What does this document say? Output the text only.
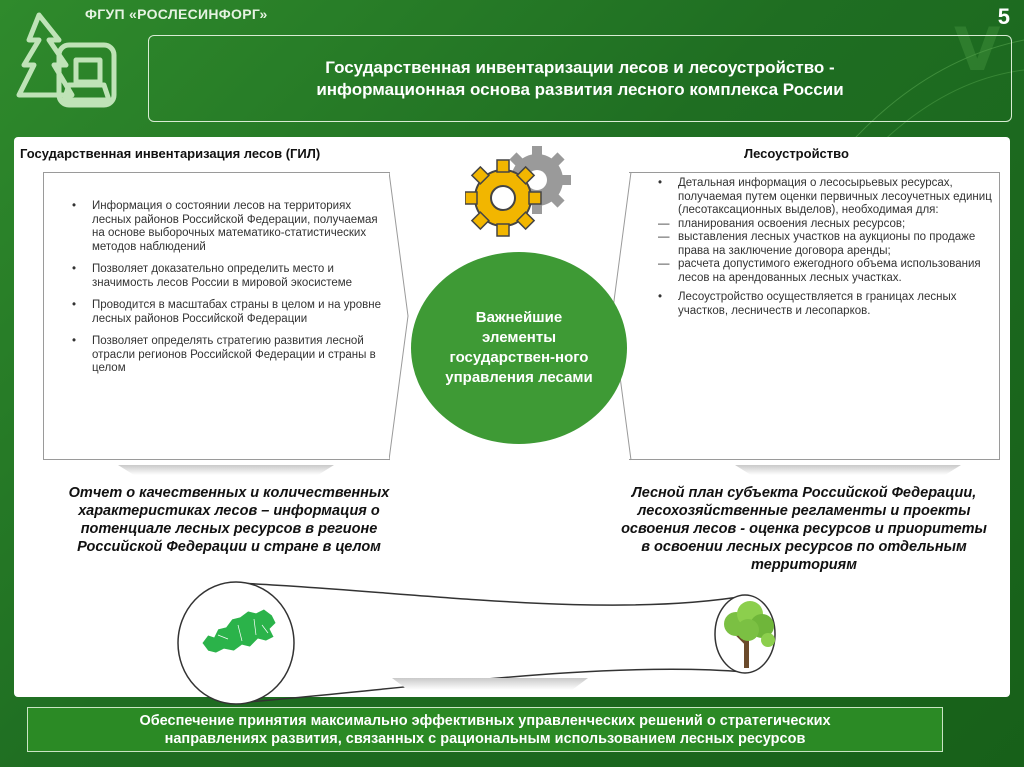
V
ФГУП «РОСЛЕСИНФОРГ»	5
Государственная инвентаризации лесов и лесоустройство -
информационная основа развития лесного комплекса России
Государственная инвентаризация лесов (ГИЛ)
• Информация о состоянии лесов на территориях лесных районов Российской Федерации, получаемая на основе выборочных математико-статистических методов наблюдений
• Позволяет доказательно определить место и значимость лесов России в мировой экосистеме
• Проводится в масштабах страны в целом и на уровне лесных районов Российской Федерации
• Позволяет определять стратегию развития лесной отрасли регионов Российской Федерации и страны в целом
Лесоустройство
• Детальная информация о лесосырьевых ресурсах, получаемая путем оценки первичных лесоучетных единиц (лесотаксационных выделов), необходимая для:
— планирования освоения лесных ресурсов;
— выставления лесных участков на аукционы по продаже права на заключение договора аренды;
— расчета допустимого ежегодного объема использования лесов на арендованных лесных участках.
• Лесоустройство осуществляется в границах лесных участков, лесничеств и лесопарков.
Важнейшие элементы государствен-ного управления лесами
Отчет о качественных и количественных характеристиках лесов – информация о потенциале лесных ресурсов в регионе Российской Федерации и стране в целом
Лесной план субъекта Российской Федерации, лесохозяйственные регламенты и проекты освоения лесов - оценка ресурсов и приоритеты в освоении лесных ресурсов по отдельным территориям
Обеспечение принятия максимально эффективных управленческих решений о стратегических
направлениях развития, связанных с рациональным использованием лесных ресурсов
